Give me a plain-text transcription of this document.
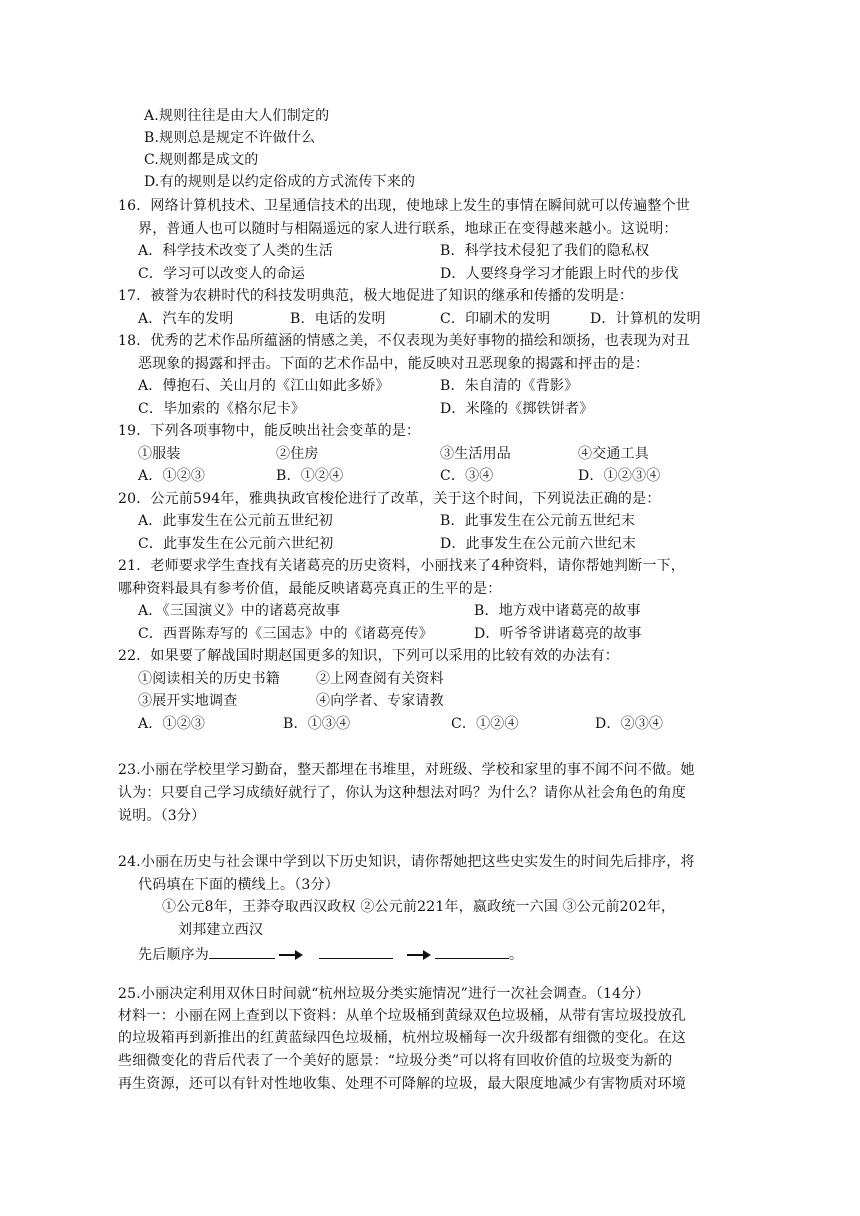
A.规则往往是由大人们制定的
B.规则总是规定不许做什么
C.规则都是成文的
D.有的规则是以约定俗成的方式流传下来的
16．网络计算机技术、卫星通信技术的出现，使地球上发生的事情在瞬间就可以传遍整个世
界，普通人也可以随时与相隔遥远的家人进行联系，地球正在变得越来越小。这说明：
A．科学技术改变了人类的生活	B．科学技术侵犯了我们的隐私权
C．学习可以改变人的命运	D．人要终身学习才能跟上时代的步伐
17．被誉为农耕时代的科技发明典范，极大地促进了知识的继承和传播的发明是：
A．汽车的发明	B．电话的发明	C．印刷术的发明	D．计算机的发明
18．优秀的艺术作品所蕴涵的情感之美，不仅表现为美好事物的描绘和颂扬，也表现为对丑
恶现象的揭露和抨击。下面的艺术作品中，能反映对丑恶现象的揭露和抨击的是：
A．傅抱石、关山月的《江山如此多娇》	B．朱自清的《背影》
C．毕加索的《格尔尼卡》	D．米隆的《掷铁饼者》
19．下列各项事物中，能反映出社会变革的是：
①服装	②住房	③生活用品	④交通工具
A．①②③	B．①②④	C．③④	D．①②③④
20．公元前594年，雅典执政官梭伦进行了改革，关于这个时间，下列说法正确的是：
A．此事发生在公元前五世纪初	B．此事发生在公元前五世纪末
C．此事发生在公元前六世纪初	D．此事发生在公元前六世纪末
21．老师要求学生查找有关诸葛亮的历史资料，小丽找来了4种资料，请你帮她判断一下，
哪种资料最具有参考价值，最能反映诸葛亮真正的生平的是：
A．《三国演义》中的诸葛亮故事	B．地方戏中诸葛亮的故事
C．西晋陈寿写的《三国志》中的《诸葛亮传》	D．听爷爷讲诸葛亮的故事
22．如果要了解战国时期赵国更多的知识，下列可以采用的比较有效的办法有：
①阅读相关的历史书籍	②上网查阅有关资料
③展开实地调查	④向学者、专家请教
A．①②③	B．①③④	C．①②④	D．②③④
23.小丽在学校里学习勤奋，整天都埋在书堆里，对班级、学校和家里的事不闻不问不做。她
认为：只要自己学习成绩好就行了，你认为这种想法对吗？为什么？请你从社会角色的角度
说明。（3分）
24.小丽在历史与社会课中学到以下历史知识，请你帮她把这些史实发生的时间先后排序，将
代码填在下面的横线上。（3分）
①公元8年，王莽夺取西汉政权 ②公元前221年，嬴政统一六国 ③公元前202年，
刘邦建立西汉
先后顺序为	。
25.小丽决定利用双休日时间就“杭州垃圾分类实施情况”进行一次社会调查。（14分）
材料一：小丽在网上查到以下资料：从单个垃圾桶到黄绿双色垃圾桶，从带有害垃圾投放孔
的垃圾箱再到新推出的红黄蓝绿四色垃圾桶，杭州垃圾桶每一次升级都有细微的变化。在这
些细微变化的背后代表了一个美好的愿景：“垃圾分类”可以将有回收价值的垃圾变为新的
再生资源，还可以有针对性地收集、处理不可降解的垃圾，最大限度地减少有害物质对环境
